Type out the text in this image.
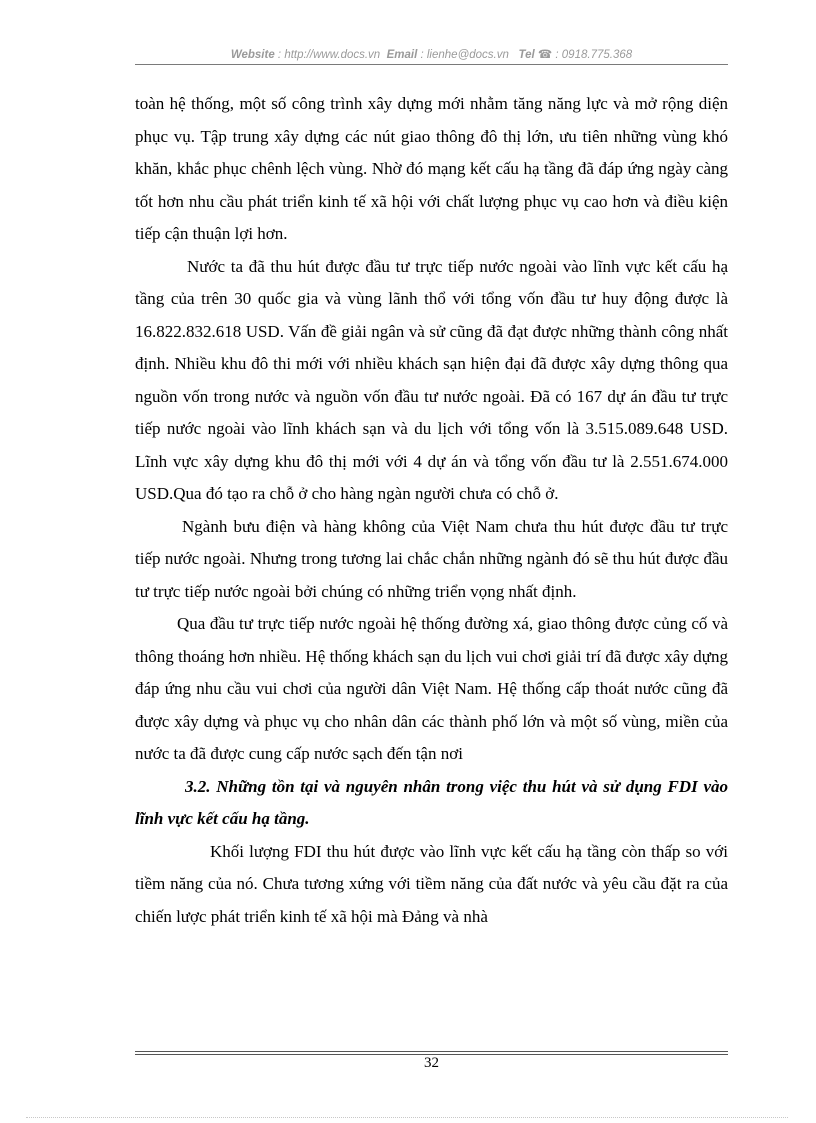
Website : http://www.docs.vn Email : lienhe@docs.vn Tel ☎ : 0918.775.368

toàn hệ thống, một số công trình xây dựng mới nhằm tăng năng lực và mở rộng diện phục vụ. Tập trung xây dựng các nút giao thông đô thị lớn, ưu tiên những vùng khó khăn, khắc phục chênh lệch vùng. Nhờ đó mạng kết cấu hạ tầng đã đáp ứng ngày càng tốt hơn nhu cầu phát triển kinh tế xã hội với chất lượng phục vụ cao hơn và điều kiện tiếp cận thuận lợi hơn.

Nước ta đã thu hút được đầu tư trực tiếp nước ngoài vào lĩnh vực kết cấu hạ tầng của trên 30 quốc gia và vùng lãnh thổ với tổng vốn đầu tư huy động được là 16.822.832.618 USD. Vấn đề giải ngân và sử cũng đã đạt được những thành công nhất định. Nhiều khu đô thi mới với nhiều khách sạn hiện đại đã được xây dựng thông qua nguồn vốn trong nước và nguồn vốn đầu tư nước ngoài. Đã có 167 dự án đầu tư trực tiếp nước ngoài vào lĩnh khách sạn và du lịch với tổng vốn là 3.515.089.648 USD. Lĩnh vực xây dựng khu đô thị mới với 4 dự án và tổng vốn đầu tư là 2.551.674.000 USD.Qua đó tạo ra chỗ ở cho hàng ngàn người chưa có chỗ ở.

Ngành bưu điện và hàng không của Việt Nam chưa thu hút được đầu tư trực tiếp nước ngoài. Nhưng trong tương lai chắc chắn những ngành đó sẽ thu hút được đầu tư trực tiếp nước ngoài bởi chúng có những triển vọng nhất định.

Qua đầu tư trực tiếp nước ngoài hệ thống đường xá, giao thông được củng cố và thông thoáng hơn nhiều. Hệ thống khách sạn du lịch vui chơi giải trí đã được xây dựng đáp ứng nhu cầu vui chơi của người dân Việt Nam. Hệ thống cấp thoát nước cũng đã được xây dựng và phục vụ cho nhân dân các thành phố lớn và một số vùng, miền của nước ta đã được cung cấp nước sạch đến tận nơi

3.2. Những tồn tại và nguyên nhân trong việc thu hút và sử dụng FDI vào lĩnh vực kết cấu hạ tầng.

Khối lượng FDI thu hút được vào lĩnh vực kết cấu hạ tầng còn thấp so với tiềm năng của nó. Chưa tương xứng với tiềm năng của đất nước và yêu cầu đặt ra của chiến lược phát triển kinh tế xã hội mà Đảng và nhà

32
